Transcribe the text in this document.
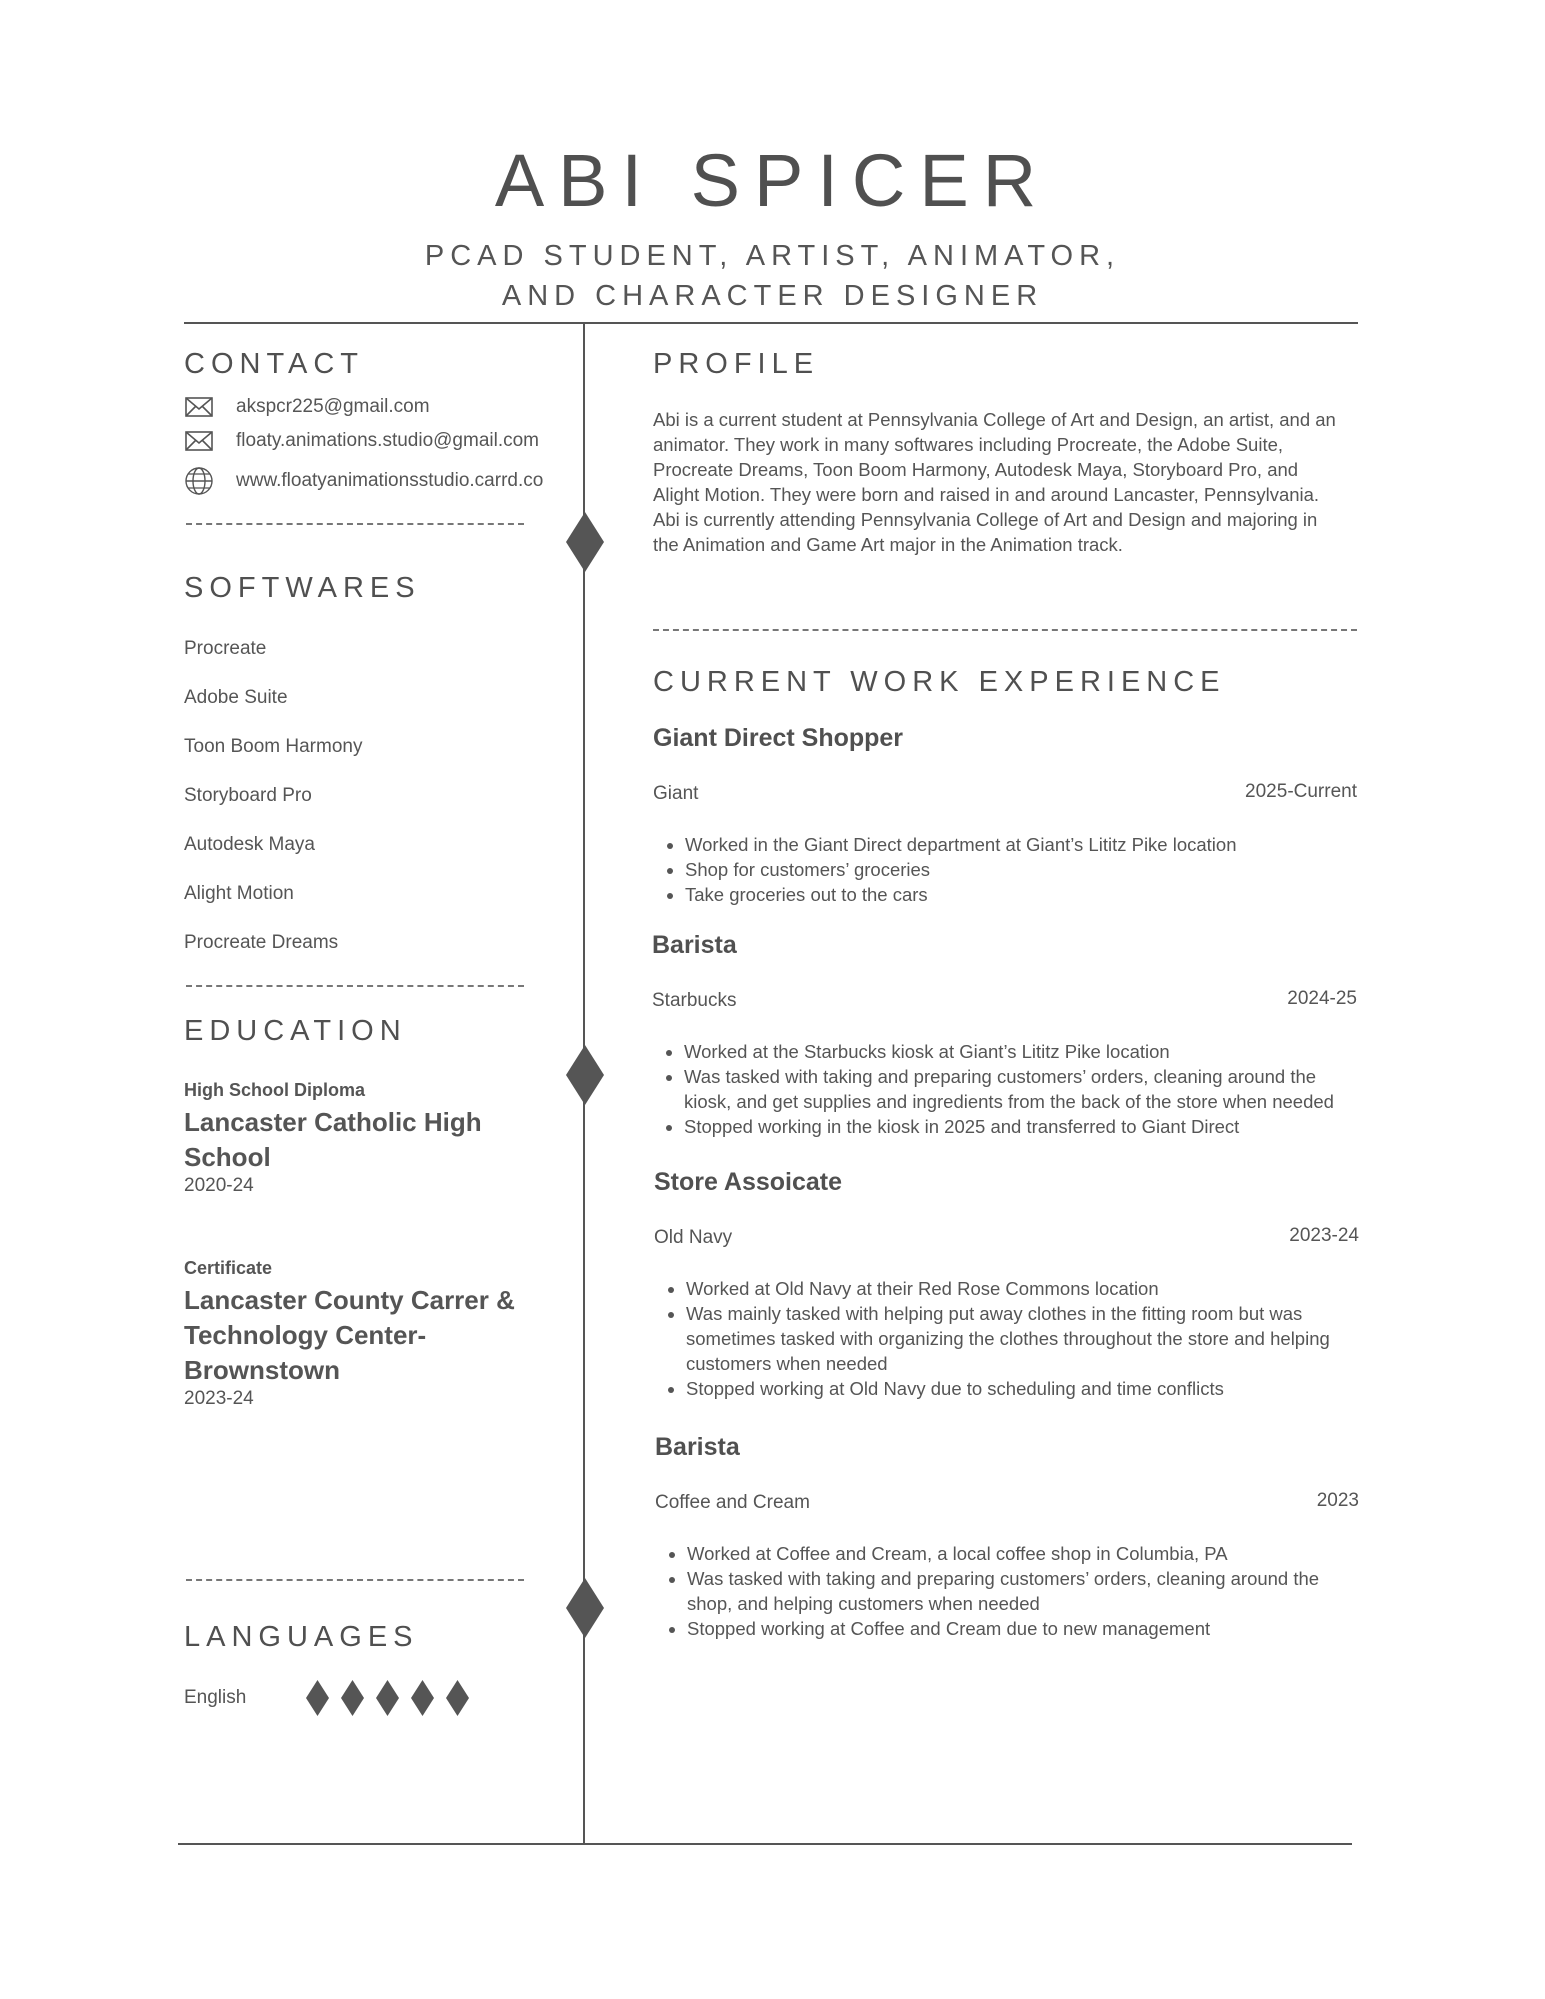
ABI SPICER
PCAD STUDENT, ARTIST, ANIMATOR,
AND CHARACTER DESIGNER
CONTACT
akspcr225@gmail.com
floaty.animations.studio@gmail.com
www.floatyanimationsstudio.carrd.co
SOFTWARES
Procreate
Adobe Suite
Toon Boom Harmony
Storyboard Pro
Autodesk Maya
Alight Motion
Procreate Dreams
EDUCATION
High School Diploma
Lancaster Catholic High
School
2020-24
Certificate
Lancaster County Carrer &
Technology Center-
Brownstown
2023-24
LANGUAGES
English
PROFILE
Abi is a current student at Pennsylvania College of Art and Design, an artist, and an
animator. They work in many softwares including Procreate, the Adobe Suite,
Procreate Dreams, Toon Boom Harmony, Autodesk Maya, Storyboard Pro, and
Alight Motion. They were born and raised in and around Lancaster, Pennsylvania.
Abi is currently attending Pennsylvania College of Art and Design and majoring in
the Animation and Game Art major in the Animation track.
CURRENT WORK EXPERIENCE
Giant Direct Shopper
Giant	2025-Current
• Worked in the Giant Direct department at Giant’s Lititz Pike location
• Shop for customers’ groceries
• Take groceries out to the cars
Barista
Starbucks	2024-25
• Worked at the Starbucks kiosk at Giant’s Lititz Pike location
• Was tasked with taking and preparing customers’ orders, cleaning around the
kiosk, and get supplies and ingredients from the back of the store when needed
• Stopped working in the kiosk in 2025 and transferred to Giant Direct
Store Assoicate
Old Navy	2023-24
• Worked at Old Navy at their Red Rose Commons location
• Was mainly tasked with helping put away clothes in the fitting room but was
sometimes tasked with organizing the clothes throughout the store and helping
customers when needed
• Stopped working at Old Navy due to scheduling and time conflicts
Barista
Coffee and Cream	2023
• Worked at Coffee and Cream, a local coffee shop in Columbia, PA
• Was tasked with taking and preparing customers’ orders, cleaning around the
shop, and helping customers when needed
• Stopped working at Coffee and Cream due to new management
